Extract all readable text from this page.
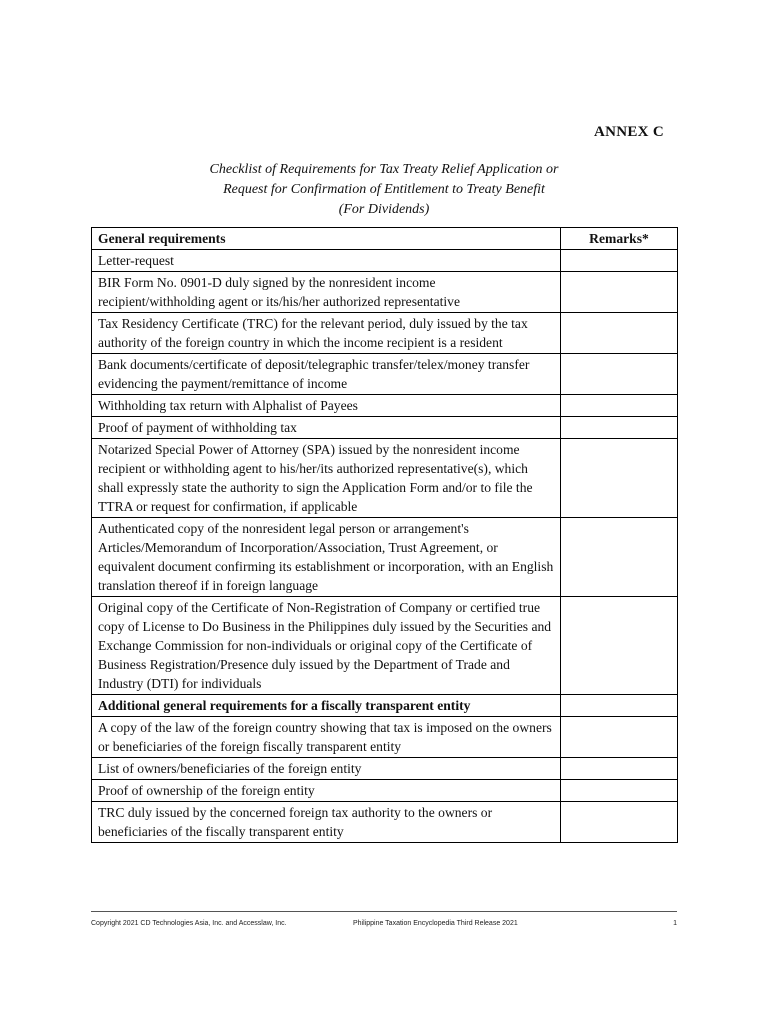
ANNEX C
Checklist of Requirements for Tax Treaty Relief Application or
Request for Confirmation of Entitlement to Treaty Benefit
(For Dividends)
General requirements	Remarks*
Letter-request	
BIR Form No. 0901-D duly signed by the nonresident income recipient/withholding agent or its/his/her authorized representative	
Tax Residency Certificate (TRC) for the relevant period, duly issued by the tax authority of the foreign country in which the income recipient is a resident	
Bank documents/certificate of deposit/telegraphic transfer/telex/money transfer evidencing the payment/remittance of income	
Withholding tax return with Alphalist of Payees	
Proof of payment of withholding tax	
Notarized Special Power of Attorney (SPA) issued by the nonresident income recipient or withholding agent to his/her/its authorized representative(s), which shall expressly state the authority to sign the Application Form and/or to file the TTRA or request for confirmation, if applicable	
Authenticated copy of the nonresident legal person or arrangement's Articles/Memorandum of Incorporation/Association, Trust Agreement, or equivalent document confirming its establishment or incorporation, with an English translation thereof if in foreign language	
Original copy of the Certificate of Non-Registration of Company or certified true copy of License to Do Business in the Philippines duly issued by the Securities and Exchange Commission for non-individuals or original copy of the Certificate of Business Registration/Presence duly issued by the Department of Trade and Industry (DTI) for individuals	
Additional general requirements for a fiscally transparent entity	
A copy of the law of the foreign country showing that tax is imposed on the owners or beneficiaries of the foreign fiscally transparent entity	
List of owners/beneficiaries of the foreign entity	
Proof of ownership of the foreign entity	
TRC duly issued by the concerned foreign tax authority to the owners or beneficiaries of the fiscally transparent entity	
Copyright 2021 CD Technologies Asia, Inc. and Accesslaw, Inc.	Philippine Taxation Encyclopedia Third Release 2021	1
